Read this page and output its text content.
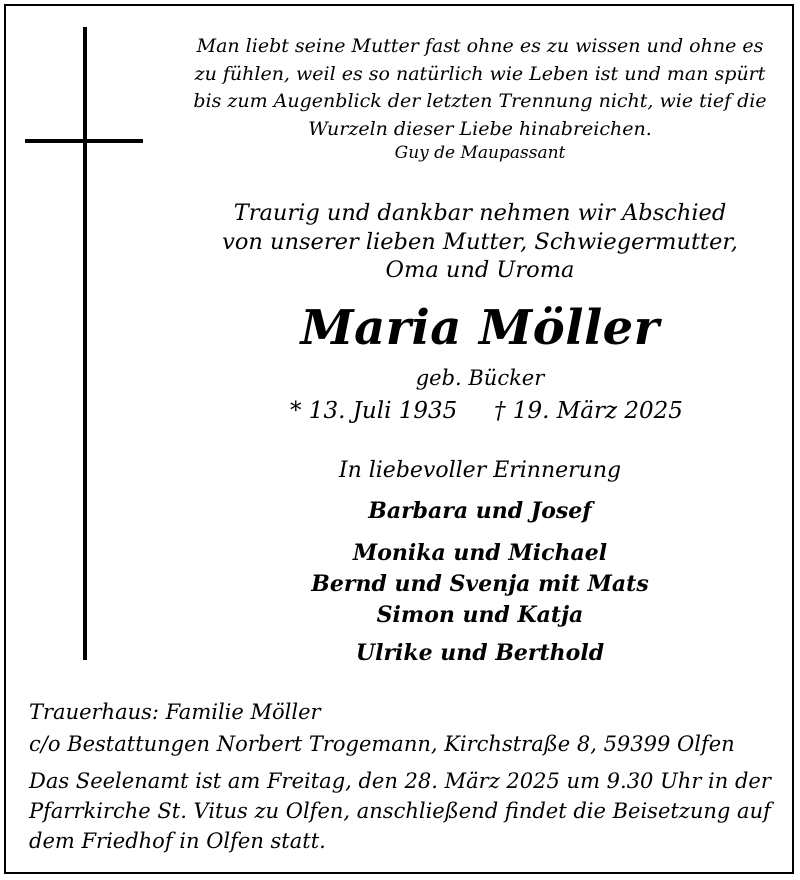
Man liebt seine Mutter fast ohne es zu wissen und ohne es
zu fühlen, weil es so natürlich wie Leben ist und man spürt
bis zum Augenblick der letzten Trennung nicht, wie tief die
Wurzeln dieser Liebe hinabreichen.
Guy de Maupassant
Traurig und dankbar nehmen wir Abschied
von unserer lieben Mutter, Schwiegermutter,
Oma und Uroma
Maria Möller
geb. Bücker
* 13. Juli 1935 † 19. März 2025
In liebevoller Erinnerung
Barbara und Josef
Monika und Michael
Bernd und Svenja mit Mats
Simon und Katja
Ulrike und Berthold
Trauerhaus: Familie Möller
c/o Bestattungen Norbert Trogemann, Kirchstraße 8, 59399 Olfen
Das Seelenamt ist am Freitag, den 28. März 2025 um 9.30 Uhr in der
Pfarrkirche St. Vitus zu Olfen, anschließend findet die Beisetzung auf
dem Friedhof in Olfen statt.
